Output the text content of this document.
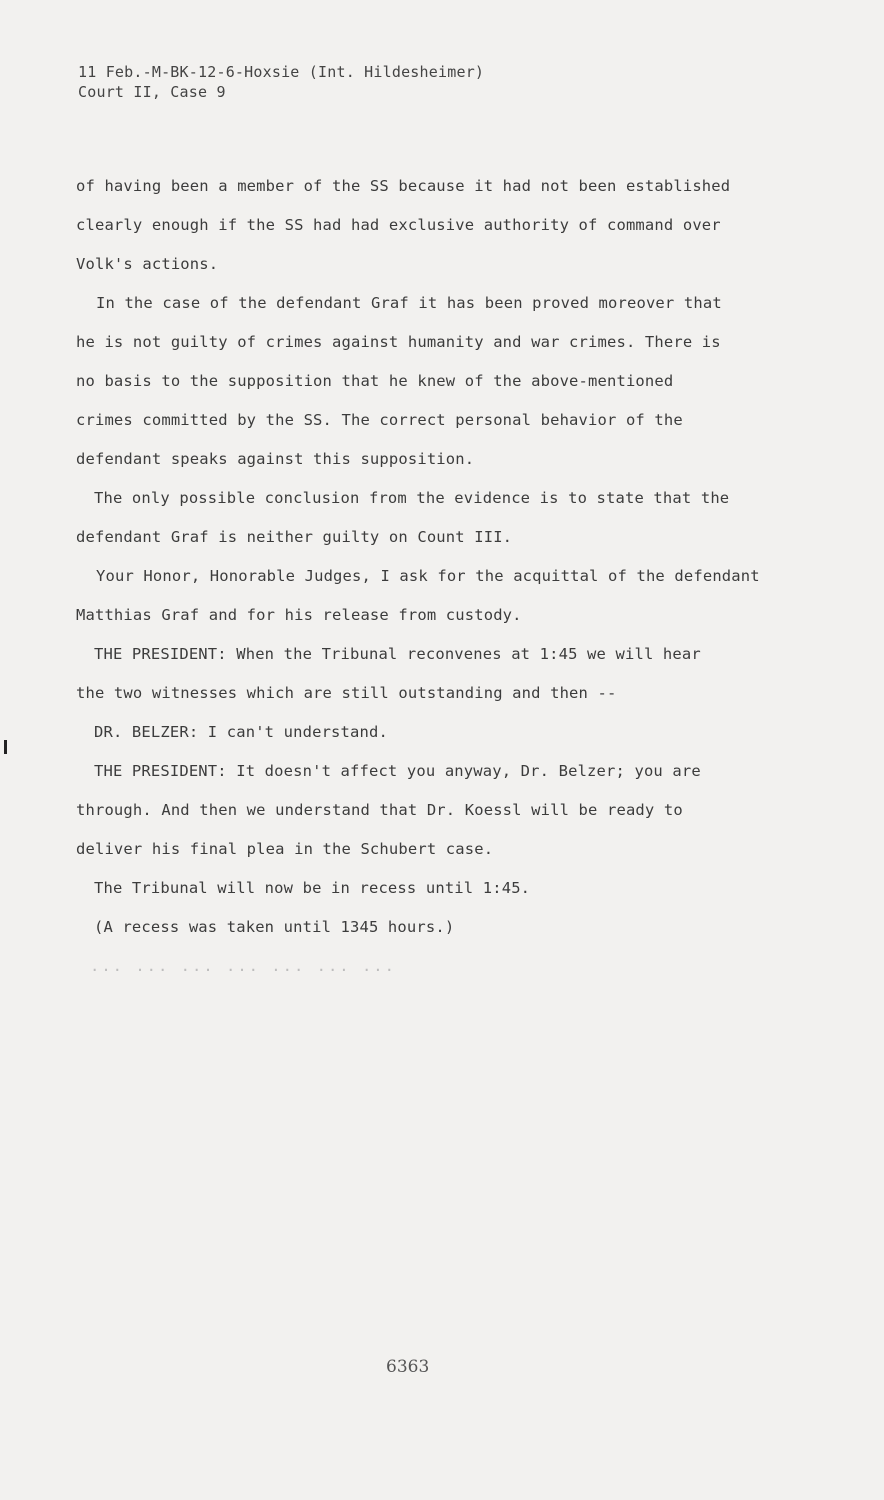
11 Feb.-M-BK-12-6-Hoxsie (Int. Hildesheimer)
Court II, Case 9
of having been a member of the SS because it had not been established
clearly enough if the SS had had exclusive authority of command over
Volk's actions.
In the case of the defendant Graf it has been proved moreover that
he is not guilty of crimes against humanity and war crimes. There is
no basis to the supposition that he knew of the above-mentioned
crimes committed by the SS. The correct personal behavior of the
defendant speaks against this supposition.
The only possible conclusion from the evidence is to state that the
defendant Graf is neither guilty on Count III.
Your Honor, Honorable Judges, I ask for the acquittal of the defendant
Matthias Graf and for his release from custody.
THE PRESIDENT: When the Tribunal reconvenes at 1:45 we will hear
the two witnesses which are still outstanding and then --
DR. BELZER: I can't understand.
THE PRESIDENT: It doesn't affect you anyway, Dr. Belzer; you are
through. And then we understand that Dr. Koessl will be ready to
deliver his final plea in the Schubert case.
The Tribunal will now be in recess until 1:45.
(A recess was taken until 1345 hours.)
... ... ... ... ... ... ...
6363
